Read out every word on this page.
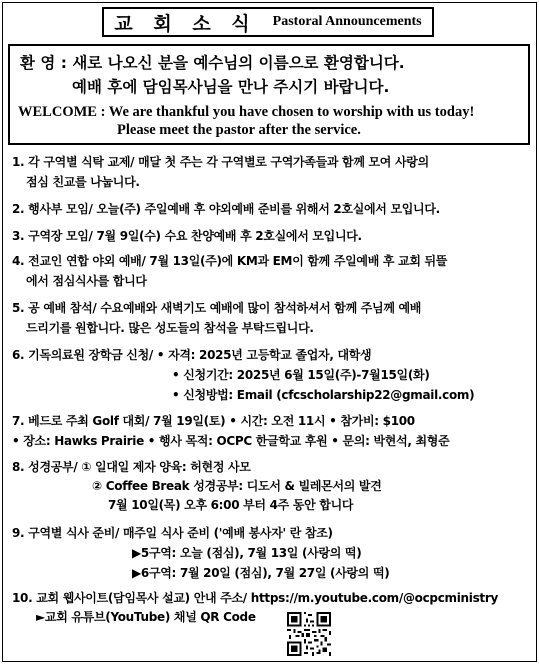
교 회 소 식 Pastoral Announcements
환 영 : 새로 나오신 분을 예수님의 이름으로 환영합니다.
예배 후에 담임목사님을 만나 주시기 바랍니다.
WELCOME : We are thankful you have chosen to worship with us today!
Please meet the pastor after the service.
1. 각 구역별 식탁 교제/ 매달 첫 주는 각 구역별로 구역가족들과 함께 모여 사랑의
점심 친교를 나눕니다.
2. 행사부 모임/ 오늘(주) 주일예배 후 야외예배 준비를 위해서 2호실에서 모입니다.
3. 구역장 모임/ 7월 9일(수) 수요 찬양예배 후 2호실에서 모입니다.
4. 전교인 연합 야외 예배/ 7월 13일(주)에 KM과 EM이 함께 주일예배 후 교회 뒤뜰
에서 점심식사를 합니다
5. 공 예배 참석/ 수요예배와 새벽기도 예배에 많이 참석하셔서 함께 주님께 예배
드리기를 원합니다. 많은 성도들의 참석을 부탁드립니다.
6. 기독의료원 장학금 신청/ • 자격: 2025년 고등학교 졸업자, 대학생
• 신청기간: 2025년 6월 15일(주)-7월15일(화)
• 신청방법: Email (cfcscholarship22@gmail.com)
7. 베드로 주최 Golf 대회/ 7월 19일(토) • 시간: 오전 11시 • 참가비: $100
• 장소: Hawks Prairie • 행사 목적: OCPC 한글학교 후원 • 문의: 박현석, 최형준
8. 성경공부/ ① 일대일 제자 양육: 허현정 사모
② Coffee Break 성경공부: 디도서 & 빌레몬서의 발견
7월 10일(목) 오후 6:00 부터 4주 동안 합니다
9. 구역별 식사 준비/ 매주일 식사 준비 ('예배 봉사자' 란 참조)
▶5구역: 오늘 (점심), 7월 13일 (사랑의 떡)
▶6구역: 7월 20일 (점심), 7월 27일 (사랑의 떡)
10. 교회 웹사이트(담임목사 설교) 안내 주소/ https://m.youtube.com/@ocpcministry
►교회 유튜브(YouTube) 채널 QR Code
